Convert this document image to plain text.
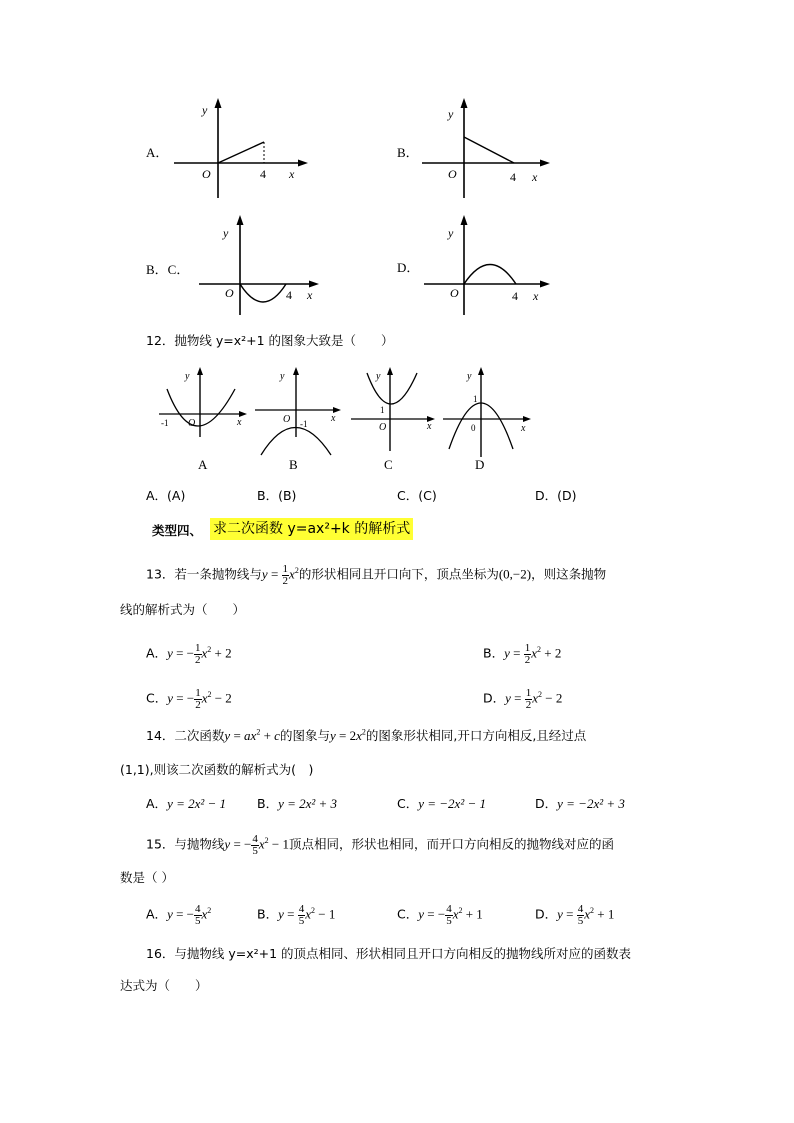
A．
y
O	4 x
B．
y
O	4 x
B．C．
y
O	4 x
D．
y
O	4 x
12．抛物线 y=x²+1 的图象大致是（　　）
y
-1 O	x
A
y
O -1 x
B
y
1
O	x
C
y
1
0	x
D
A．(A)	B．(B)	C．(C)	D．(D)
类型四、 求二次函数 y=ax²+k 的解析式
13．若一条抛物线与$y = \frac{1}{2} x^2$的形状相同且开口向下，顶点坐标为(0,−2)，则这条抛物
线的解析式为（　　）
A．y = − $\frac{1}{2} x^2 + 2$	B．$y = \frac{1}{2} x^2 + 2$
C．y = − $\frac{1}{2} x^2 - 2$	D．$y = \frac{1}{2} x^2 - 2$
14．二次函数$y = ax^2 + c$的图象与$y = 2x^2$的图象形状相同,开口方向相反,且经过点
(1,1),则该二次函数的解析式为(　)
A．y = 2x² − 1 B．y = 2x² + 3	C．y = −2x² − 1	D．y = −2x² + 3
15．与抛物线y = − $\frac{4}{5} x^2 - 1$顶点相同，形状也相同，而开口方向相反的抛物线对应的函
数是（ ）
A．y = − $\frac{4}{5} x^2$	B．$y = \frac{4}{5} x^2 - 1$	C．y = − $\frac{4}{5} x^2 + 1$	D．$y = \frac{4}{5} x^2 + 1$
16．与抛物线 y=x²+1 的顶点相同、形状相同且开口方向相反的抛物线所对应的函数表
达式为（　　）
